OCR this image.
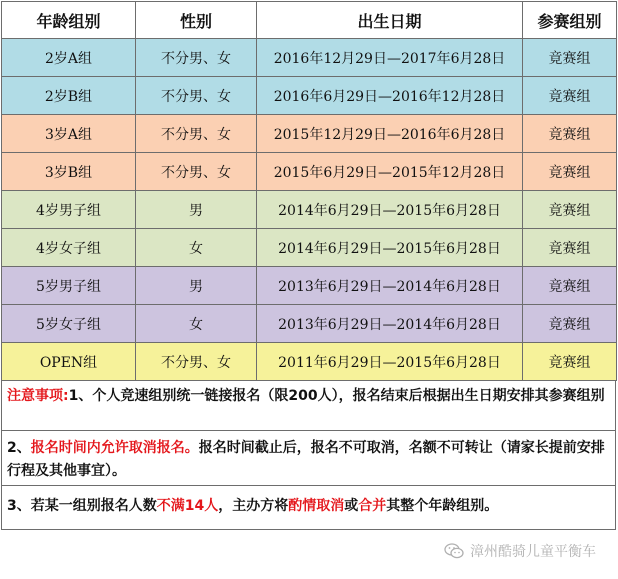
年龄组别	性别	出生日期	参赛组别
2岁A组	不分男、女	2016年12月29日—2017年6月28日	竟赛组
2岁B组	不分男、女	2016年6月29日—2016年12月28日	竟赛组
3岁A组	不分男、女	2015年12月29日—2016年6月28日	竟赛组
3岁B组	不分男、女	2015年6月29日—2015年12月28日	竟赛组
4岁男子组	男	2014年6月29日—2015年6月28日	竟赛组
4岁女子组	女	2014年6月29日—2015年6月28日	竟赛组
5岁男子组	男	2013年6月29日—2014年6月28日	竟赛组
5岁女子组	女	2013年6月29日—2014年6月28日	竟赛组
OPEN组	不分男、女	2011年6月29日—2015年6月28日	竟赛组
注意事项:1、个人竞速组别统一链接报名（限200人），报名结束后根据出生日期安排其参赛组别
2、报名时间内允许取消报名。报名时间截止后，报名不可取消，名额不可转让（请家长提前安排行程及其他事宜）。
3、若某一组别报名人数不满14人，主办方将酌情取消或合并其整个年龄组别。
漳州酷骑儿童平衡车
